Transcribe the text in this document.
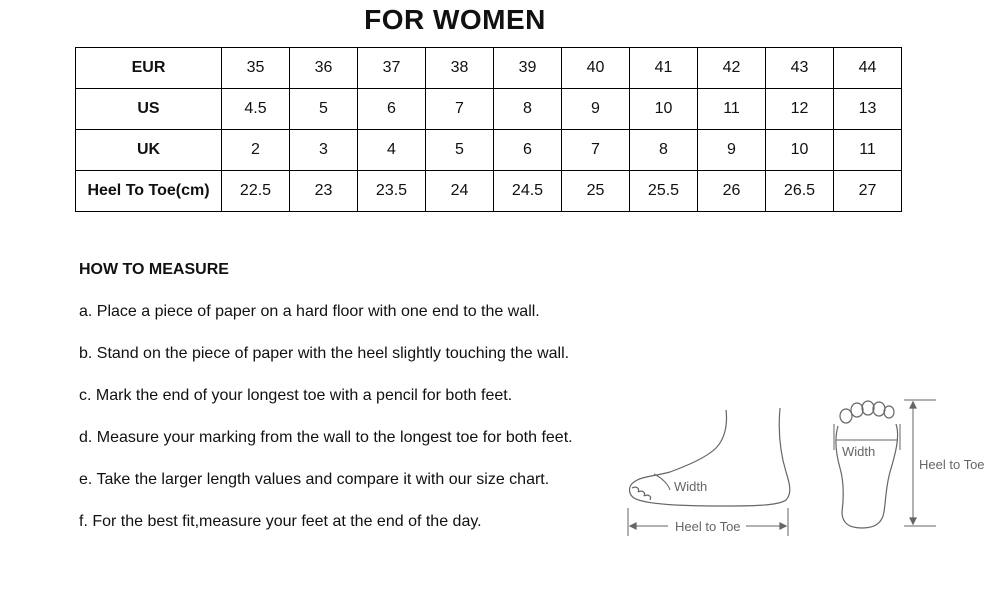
FOR WOMEN
EUR	35	36	37	38	39	40	41	42	43	44
US	4.5	5	6	7	8	9	10	11	12	13
UK	2	3	4	5	6	7	8	9	10	11
Heel To Toe(cm)	22.5	23	23.5	24	24.5	25	25.5	26	26.5	27
HOW TO MEASURE
a. Place a piece of paper on a hard floor with one end to the wall.
b. Stand on the piece of paper with the heel slightly touching the wall.
c. Mark the end of your longest toe with a pencil for both feet.
d. Measure your marking from the wall to the longest toe for both feet.
e. Take the larger length values and compare it with our size chart.
f. For the best fit,measure your feet at the end of the day.
Width
Heel to Toe
Width
Heel to Toe
